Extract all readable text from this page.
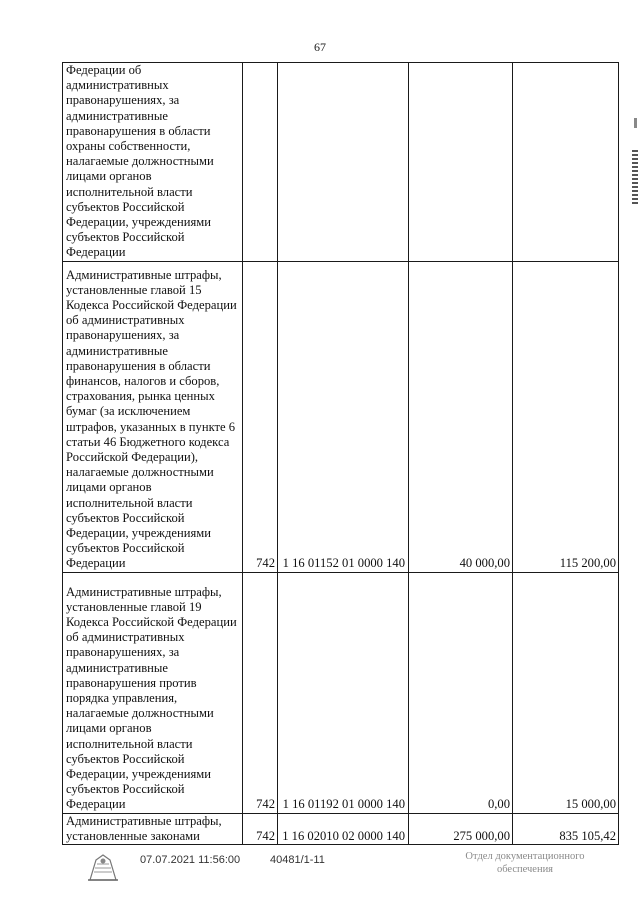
67
Федерации об административных правонарушениях, за административные правонарушения в области охраны собственности, налагаемые должностными лицами органов исполнительной власти субъектов Российской Федерации, учреждениями субъектов Российской Федерации				
Административные штрафы, установленные главой 15 Кодекса Российской Федерации об административных правонарушениях, за административные правонарушения в области финансов, налогов и сборов, страхования, рынка ценных бумаг (за исключением штрафов, указанных в пункте 6 статьи 46 Бюджетного кодекса Российской Федерации), налагаемые должностными лицами органов исполнительной власти субъектов Российской Федерации, учреждениями субъектов Российской Федерации	742	1 16 01152 01 0000 140	40 000,00	115 200,00
Административные штрафы, установленные главой 19 Кодекса Российской Федерации об административных правонарушениях, за административные правонарушения против порядка управления, налагаемые должностными лицами органов исполнительной власти субъектов Российской Федерации, учреждениями субъектов Российской Федерации	742	1 16 01192 01 0000 140	0,00	15 000,00
Административные штрафы, установленные законами	742	1 16 02010 02 0000 140	275 000,00	835 105,42
07.07.2021 11:56:00	40481/1-11	Отдел документационного обеспечения
